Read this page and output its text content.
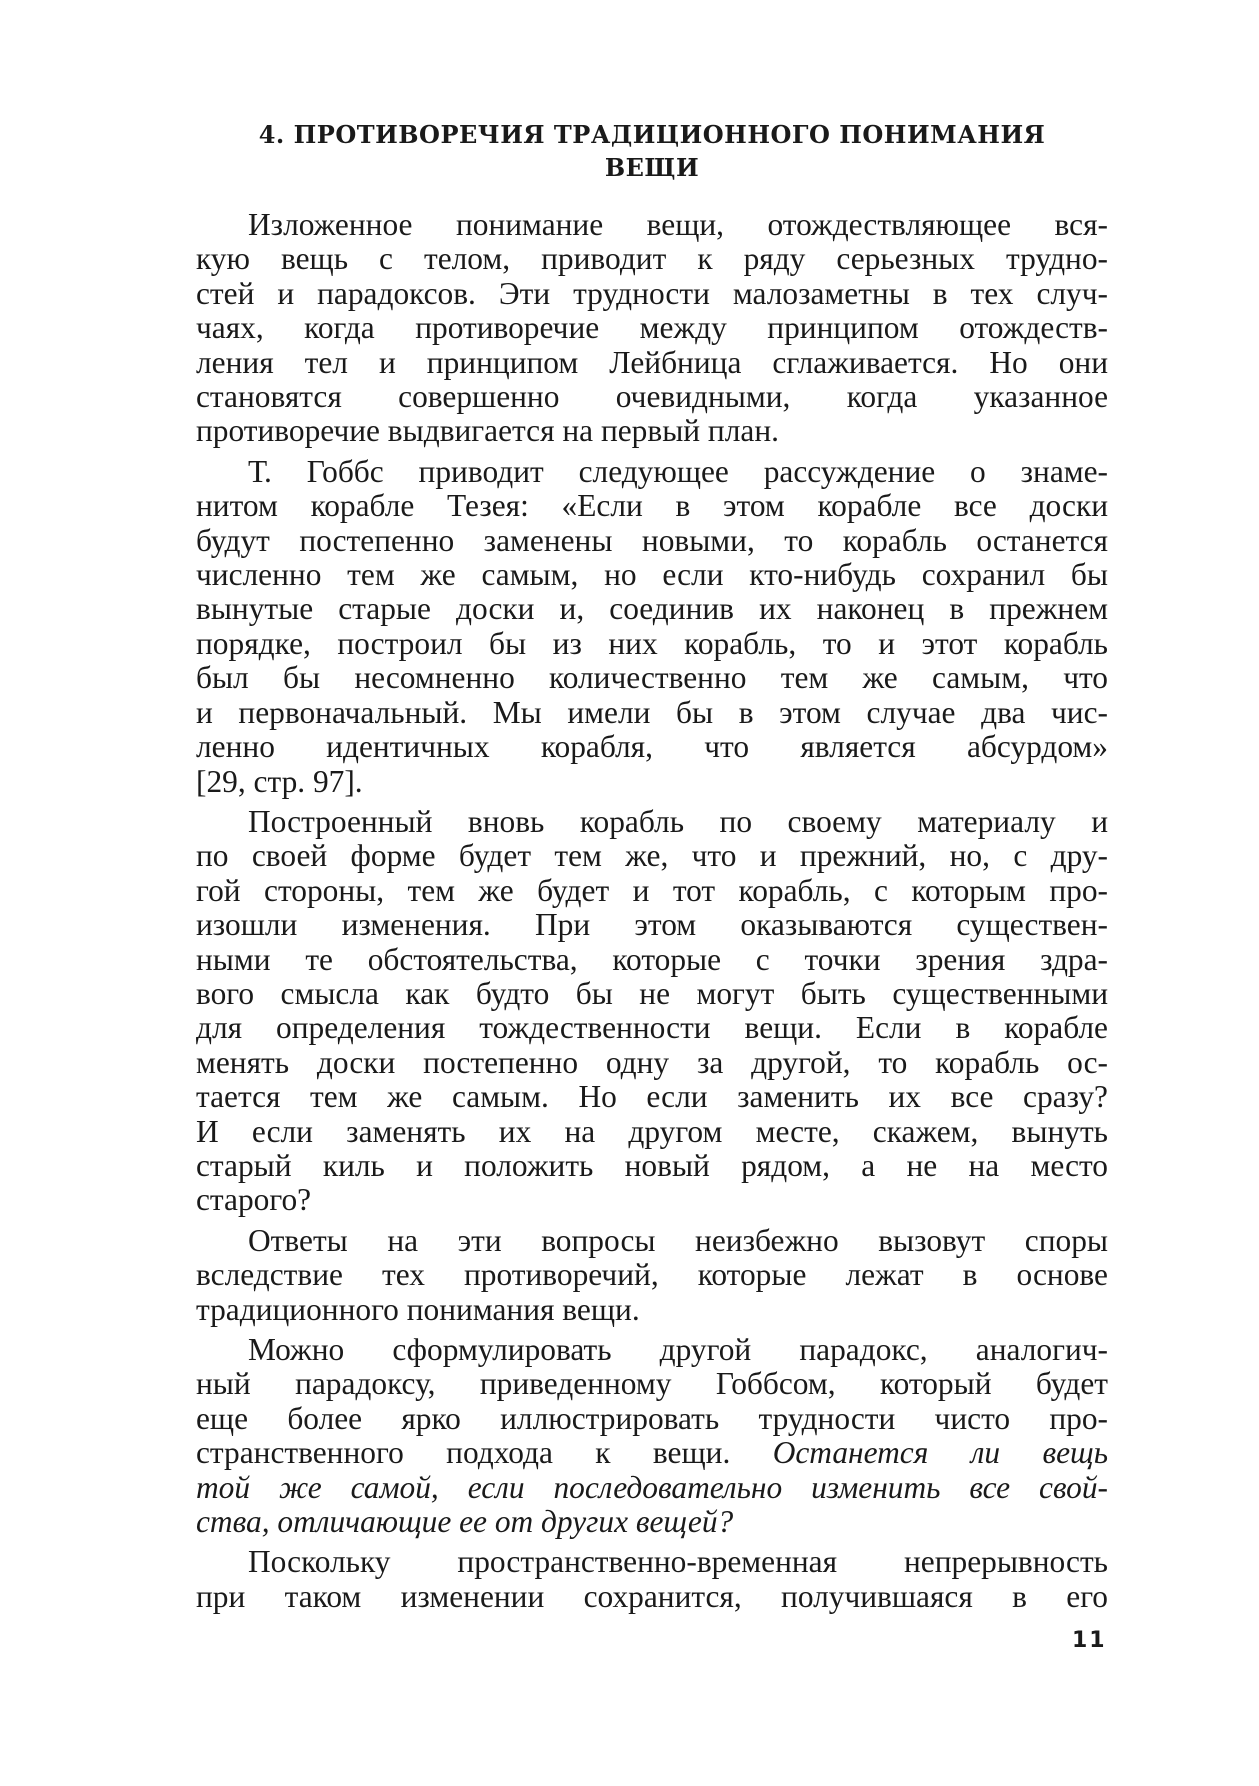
4. ПРОТИВОРЕЧИЯ ТРАДИЦИОННОГО ПОНИМАНИЯ
ВЕЩИ
Изложенное понимание вещи, отождествляющее вся-
кую вещь с телом, приводит к ряду серьезных трудно-
стей и парадоксов. Эти трудности малозаметны в тех случ-
чаях, когда противоречие между принципом отождеств-
ления тел и принципом Лейбница сглаживается. Но они
становятся совершенно очевидными, когда указанное
противоречие выдвигается на первый план.
Т. Гоббс приводит следующее рассуждение о знаме-
нитом корабле Тезея: «Если в этом корабле все доски
будут постепенно заменены новыми, то корабль останется
численно тем же самым, но если кто-нибудь сохранил бы
вынутые старые доски и, соединив их наконец в прежнем
порядке, построил бы из них корабль, то и этот корабль
был бы несомненно количественно тем же самым, что
и первоначальный. Мы имели бы в этом случае два чис-
ленно идентичных корабля, что является абсурдом»
[29, стр. 97].
Построенный вновь корабль по своему материалу и
по своей форме будет тем же, что и прежний, но, с дру-
гой стороны, тем же будет и тот корабль, с которым про-
изошли изменения. При этом оказываются существен-
ными те обстоятельства, которые с точки зрения здра-
вого смысла как будто бы не могут быть существенными
для определения тождественности вещи. Если в корабле
менять доски постепенно одну за другой, то корабль ос-
тается тем же самым. Но если заменить их все сразу?
И если заменять их на другом месте, скажем, вынуть
старый киль и положить новый рядом, а не на место
старого?
Ответы на эти вопросы неизбежно вызовут споры
вследствие тех противоречий, которые лежат в основе
традиционного понимания вещи.
Можно сформулировать другой парадокс, аналогич-
ный парадоксу, приведенному Гоббсом, который будет
еще более ярко иллюстрировать трудности чисто про-
странственного подхода к вещи. Останется ли вещь
той же самой, если последовательно изменить все свой-
ства, отличающие ее от других вещей?
Поскольку пространственно-временная непрерывность
при таком изменении сохранится, получившаяся в его
11
